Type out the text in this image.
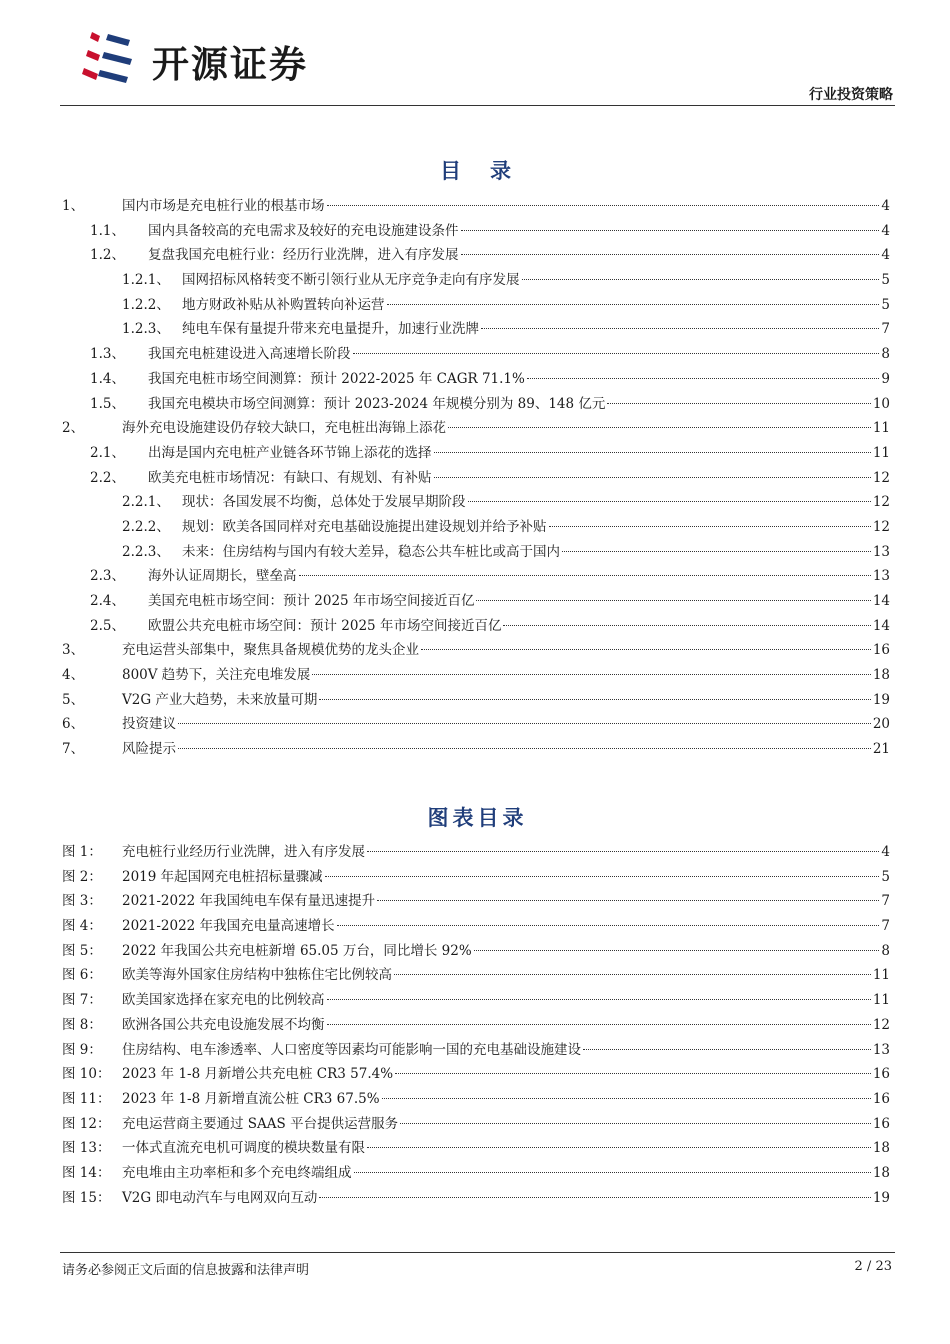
开源证券
行业投资策略
目　录
1、	国内市场是充电桩行业的根基市场	4
1.1、	国内具备较高的充电需求及较好的充电设施建设条件	4
1.2、	复盘我国充电桩行业：经历行业洗牌，进入有序发展	4
1.2.1、 国网招标风格转变不断引领行业从无序竞争走向有序发展	5
1.2.2、 地方财政补贴从补购置转向补运营	5
1.2.3、 纯电车保有量提升带来充电量提升，加速行业洗牌	7
1.3、	我国充电桩建设进入高速增长阶段	8
1.4、	我国充电桩市场空间测算：预计 2022-2025 年 CAGR 71.1%	9
1.5、	我国充电模块市场空间测算：预计 2023-2024 年规模分别为 89、148 亿元	10
2、	海外充电设施建设仍存较大缺口，充电桩出海锦上添花	11
2.1、	出海是国内充电桩产业链各环节锦上添花的选择	11
2.2、	欧美充电桩市场情况：有缺口、有规划、有补贴	12
2.2.1、 现状：各国发展不均衡，总体处于发展早期阶段	12
2.2.2、 规划：欧美各国同样对充电基础设施提出建设规划并给予补贴	12
2.2.3、 未来：住房结构与国内有较大差异，稳态公共车桩比或高于国内	13
2.3、	海外认证周期长，壁垒高	13
2.4、	美国充电桩市场空间：预计 2025 年市场空间接近百亿	14
2.5、	欧盟公共充电桩市场空间：预计 2025 年市场空间接近百亿	14
3、	充电运营头部集中，聚焦具备规模优势的龙头企业	16
4、	800V 趋势下，关注充电堆发展	18
5、	V2G 产业大趋势，未来放量可期	19
6、	投资建议	20
7、	风险提示	21
图表目录
图 1：	充电桩行业经历行业洗牌，进入有序发展	4
图 2：	2019 年起国网充电桩招标量骤减	5
图 3：	2021-2022 年我国纯电车保有量迅速提升	7
图 4：	2021-2022 年我国充电量高速增长	7
图 5：	2022 年我国公共充电桩新增 65.05 万台，同比增长 92%	8
图 6：	欧美等海外国家住房结构中独栋住宅比例较高	11
图 7：	欧美国家选择在家充电的比例较高	11
图 8：	欧洲各国公共充电设施发展不均衡	12
图 9：	住房结构、电车渗透率、人口密度等因素均可能影响一国的充电基础设施建设	13
图 10： 2023 年 1-8 月新增公共充电桩 CR3 57.4%	16
图 11： 2023 年 1-8 月新增直流公桩 CR3 67.5%	16
图 12： 充电运营商主要通过 SAAS 平台提供运营服务	16
图 13： 一体式直流充电机可调度的模块数量有限	18
图 14： 充电堆由主功率柜和多个充电终端组成	18
图 15： V2G 即电动汽车与电网双向互动	19
请务必参阅正文后面的信息披露和法律声明	2 / 23
